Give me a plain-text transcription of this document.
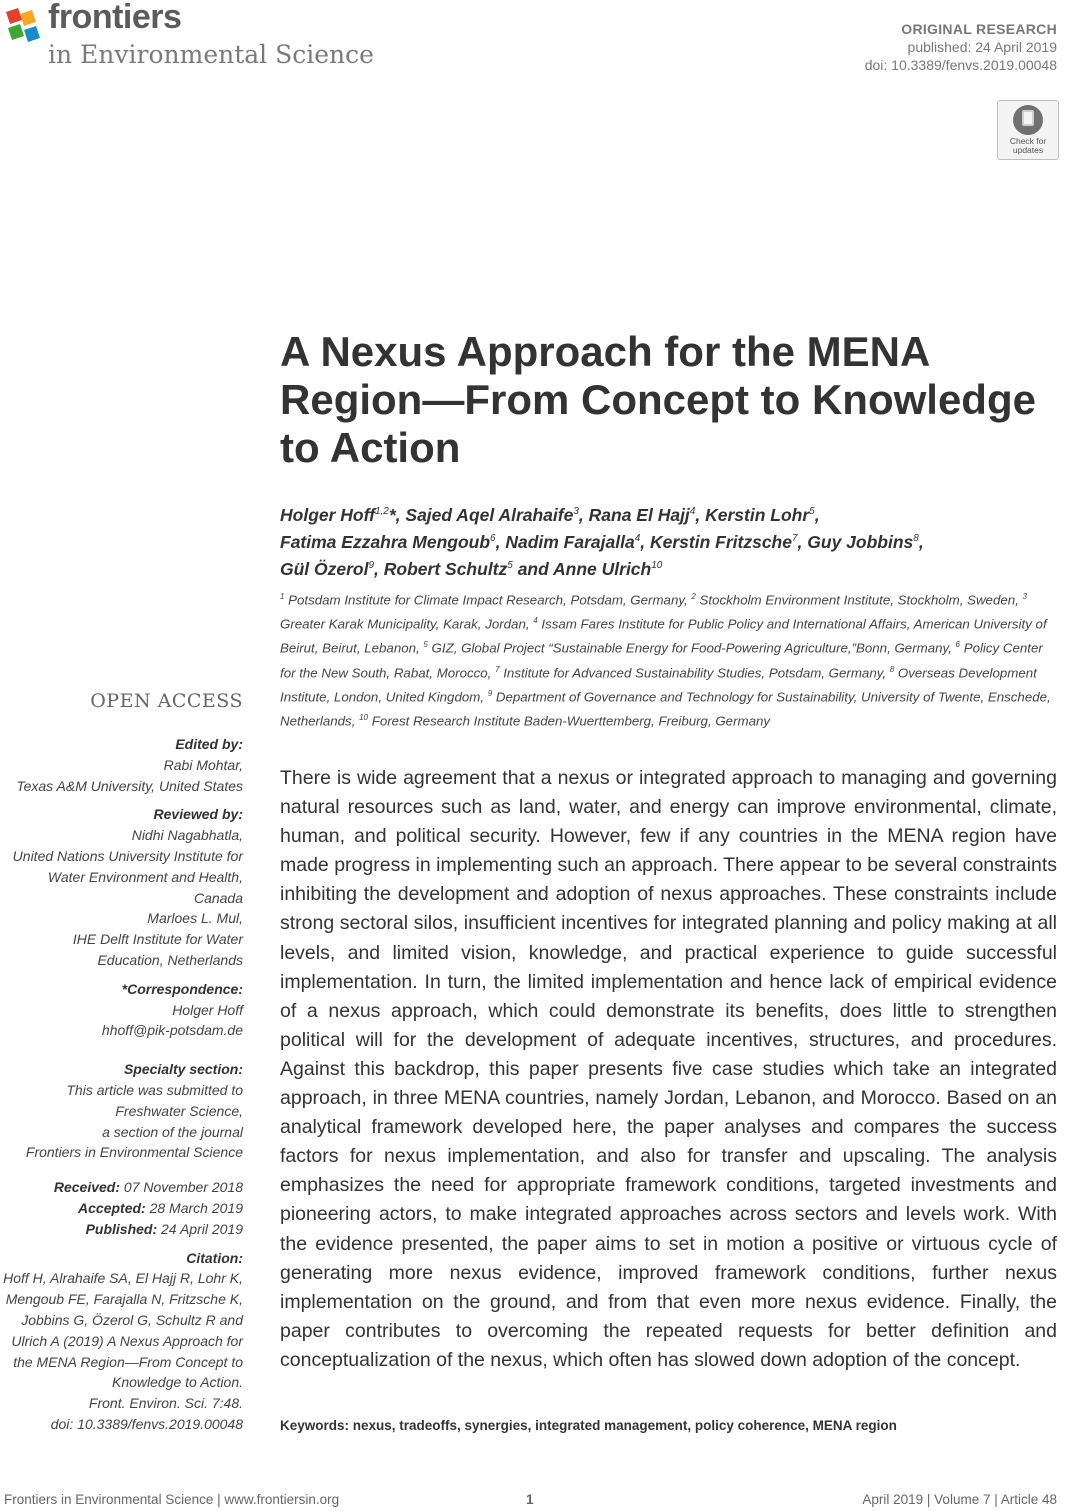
frontiers
in Environmental Science
ORIGINAL RESEARCH
published: 24 April 2019
doi: 10.3389/fenvs.2019.00048
Check for updates
A Nexus Approach for the MENA Region—From Concept to Knowledge to Action
Holger Hoff$^{1,2}$*, Sajed Aqel Alrahaife$^3$, Rana El Hajj$^4$, Kerstin Lohr$^5$,
Fatima Ezzahra Mengoub$^6$, Nadim Farajalla$^4$, Kerstin Fritzsche$^7$, Guy Jobbins$^8$,
Gül Özerol$^9$, Robert Schultz$^5$ and Anne Ulrich$^{10}$
$^1$ Potsdam Institute for Climate Impact Research, Potsdam, Germany, $^2$ Stockholm Environment Institute, Stockholm, Sweden, $^3$ Greater Karak Municipality, Karak, Jordan, $^4$ Issam Fares Institute for Public Policy and International Affairs, American University of Beirut, Beirut, Lebanon, $^5$ GIZ, Global Project “Sustainable Energy for Food-Powering Agriculture,”Bonn, Germany, $^6$ Policy Center for the New South, Rabat, Morocco, $^7$ Institute for Advanced Sustainability Studies, Potsdam, Germany, $^8$ Overseas Development Institute, London, United Kingdom, $^9$ Department of Governance and Technology for Sustainability, University of Twente, Enschede, Netherlands, $^{10}$ Forest Research Institute Baden-Wuerttemberg, Freiburg, Germany

There is wide agreement that a nexus or integrated approach to managing and governing natural resources such as land, water, and energy can improve environmental, climate, human, and political security. However, few if any countries in the MENA region have made progress in implementing such an approach. There appear to be several constraints inhibiting the development and adoption of nexus approaches. These constraints include strong sectoral silos, insufficient incentives for integrated planning and policy making at all levels, and limited vision, knowledge, and practical experience to guide successful implementation. In turn, the limited implementation and hence lack of empirical evidence of a nexus approach, which could demonstrate its benefits, does little to strengthen political will for the development of adequate incentives, structures, and procedures. Against this backdrop, this paper presents five case studies which take an integrated approach, in three MENA countries, namely Jordan, Lebanon, and Morocco. Based on an analytical framework developed here, the paper analyses and compares the success factors for nexus implementation, and also for transfer and upscaling. The analysis emphasizes the need for appropriate framework conditions, targeted investments and pioneering actors, to make integrated approaches across sectors and levels work. With the evidence presented, the paper aims to set in motion a positive or virtuous cycle of generating more nexus evidence, improved framework conditions, further nexus implementation on the ground, and from that even more nexus evidence. Finally, the paper contributes to overcoming the repeated requests for better definition and conceptualization of the nexus, which often has slowed down adoption of the concept.

Keywords: nexus, tradeoffs, synergies, integrated management, policy coherence, MENA region
OPEN ACCESS
Edited by:
Rabi Mohtar,
Texas A&M University, United States
Reviewed by:
Nidhi Nagabhatla,
United Nations University Institute for
Water Environment and Health,
Canada
Marloes L. Mul,
IHE Delft Institute for Water
Education, Netherlands
*Correspondence:
Holger Hoff
hhoff@pik-potsdam.de
Specialty section:
This article was submitted to
Freshwater Science,
a section of the journal
Frontiers in Environmental Science
Received: 07 November 2018
Accepted: 28 March 2019
Published: 24 April 2019
Citation:
Hoff H, Alrahaife SA, El Hajj R, Lohr K,
Mengoub FE, Farajalla N, Fritzsche K,
Jobbins G, Özerol G, Schultz R and
Ulrich A (2019) A Nexus Approach for
the MENA Region—From Concept to
Knowledge to Action.
Front. Environ. Sci. 7:48.
doi: 10.3389/fenvs.2019.00048
Frontiers in Environmental Science | www.frontiersin.org	1	April 2019 | Volume 7 | Article 48
